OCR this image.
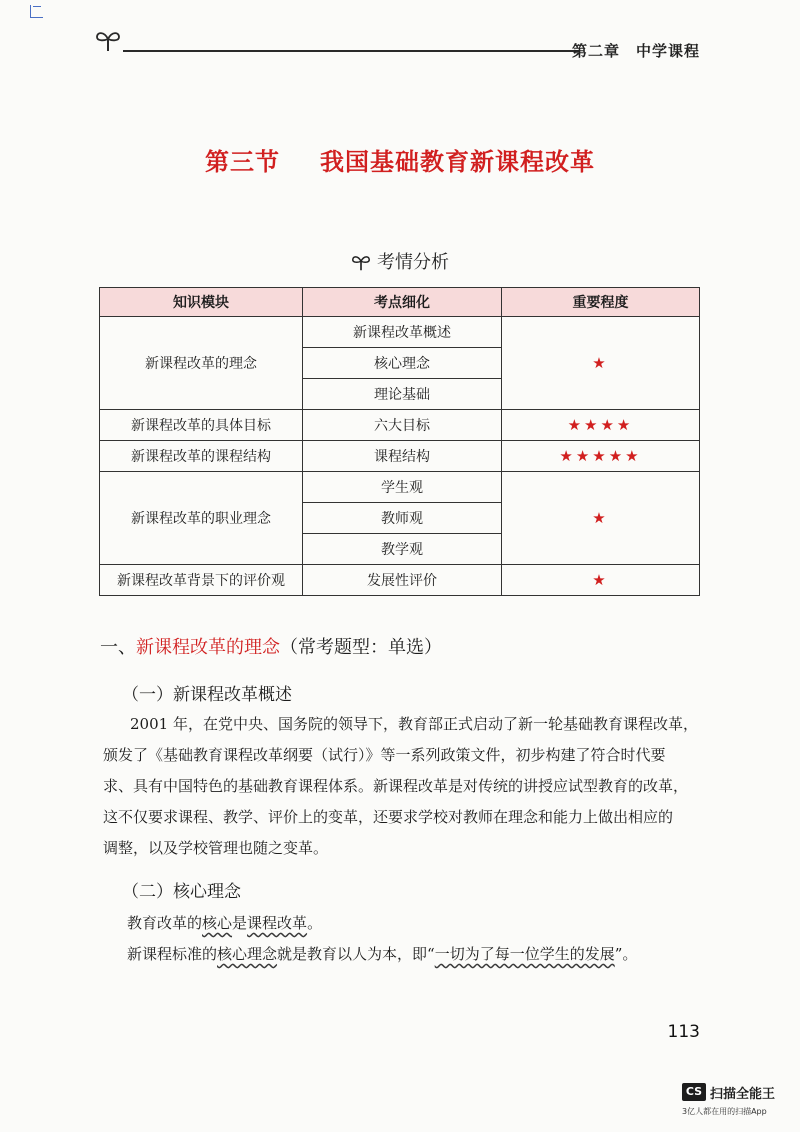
第二章　中学课程
第三节 我国基础教育新课程改革
考情分析
知识模块	考点细化	重要程度
新课程改革的理念	新课程改革概述	★
	核心理念	
	理论基础	
新课程改革的具体目标	六大目标	★★★★
新课程改革的课程结构	课程结构	★★★★★
新课程改革的职业理念	学生观	★
	教师观	
	教学观	
新课程改革背景下的评价观	发展性评价	★
一、新课程改革的理念（常考题型：单选）
（一）新课程改革概述

2001 年，在党中央、国务院的领导下，教育部正式启动了新一轮基础教育课程改革，
颁发了《基础教育课程改革纲要（试行）》等一系列政策文件，初步构建了符合时代要
求、具有中国特色的基础教育课程体系。新课程改革是对传统的讲授应试型教育的改革，
这不仅要求课程、教学、评价上的变革，还要求学校对教师在理念和能力上做出相应的
调整，以及学校管理也随之变革。

（二）核心理念

教育改革的核心是课程改革。
新课程标准的核心理念就是教育以人为本，即“一切为了每一位学生的发展”。

113
CS 扫描全能王
3亿人都在用的扫描App
